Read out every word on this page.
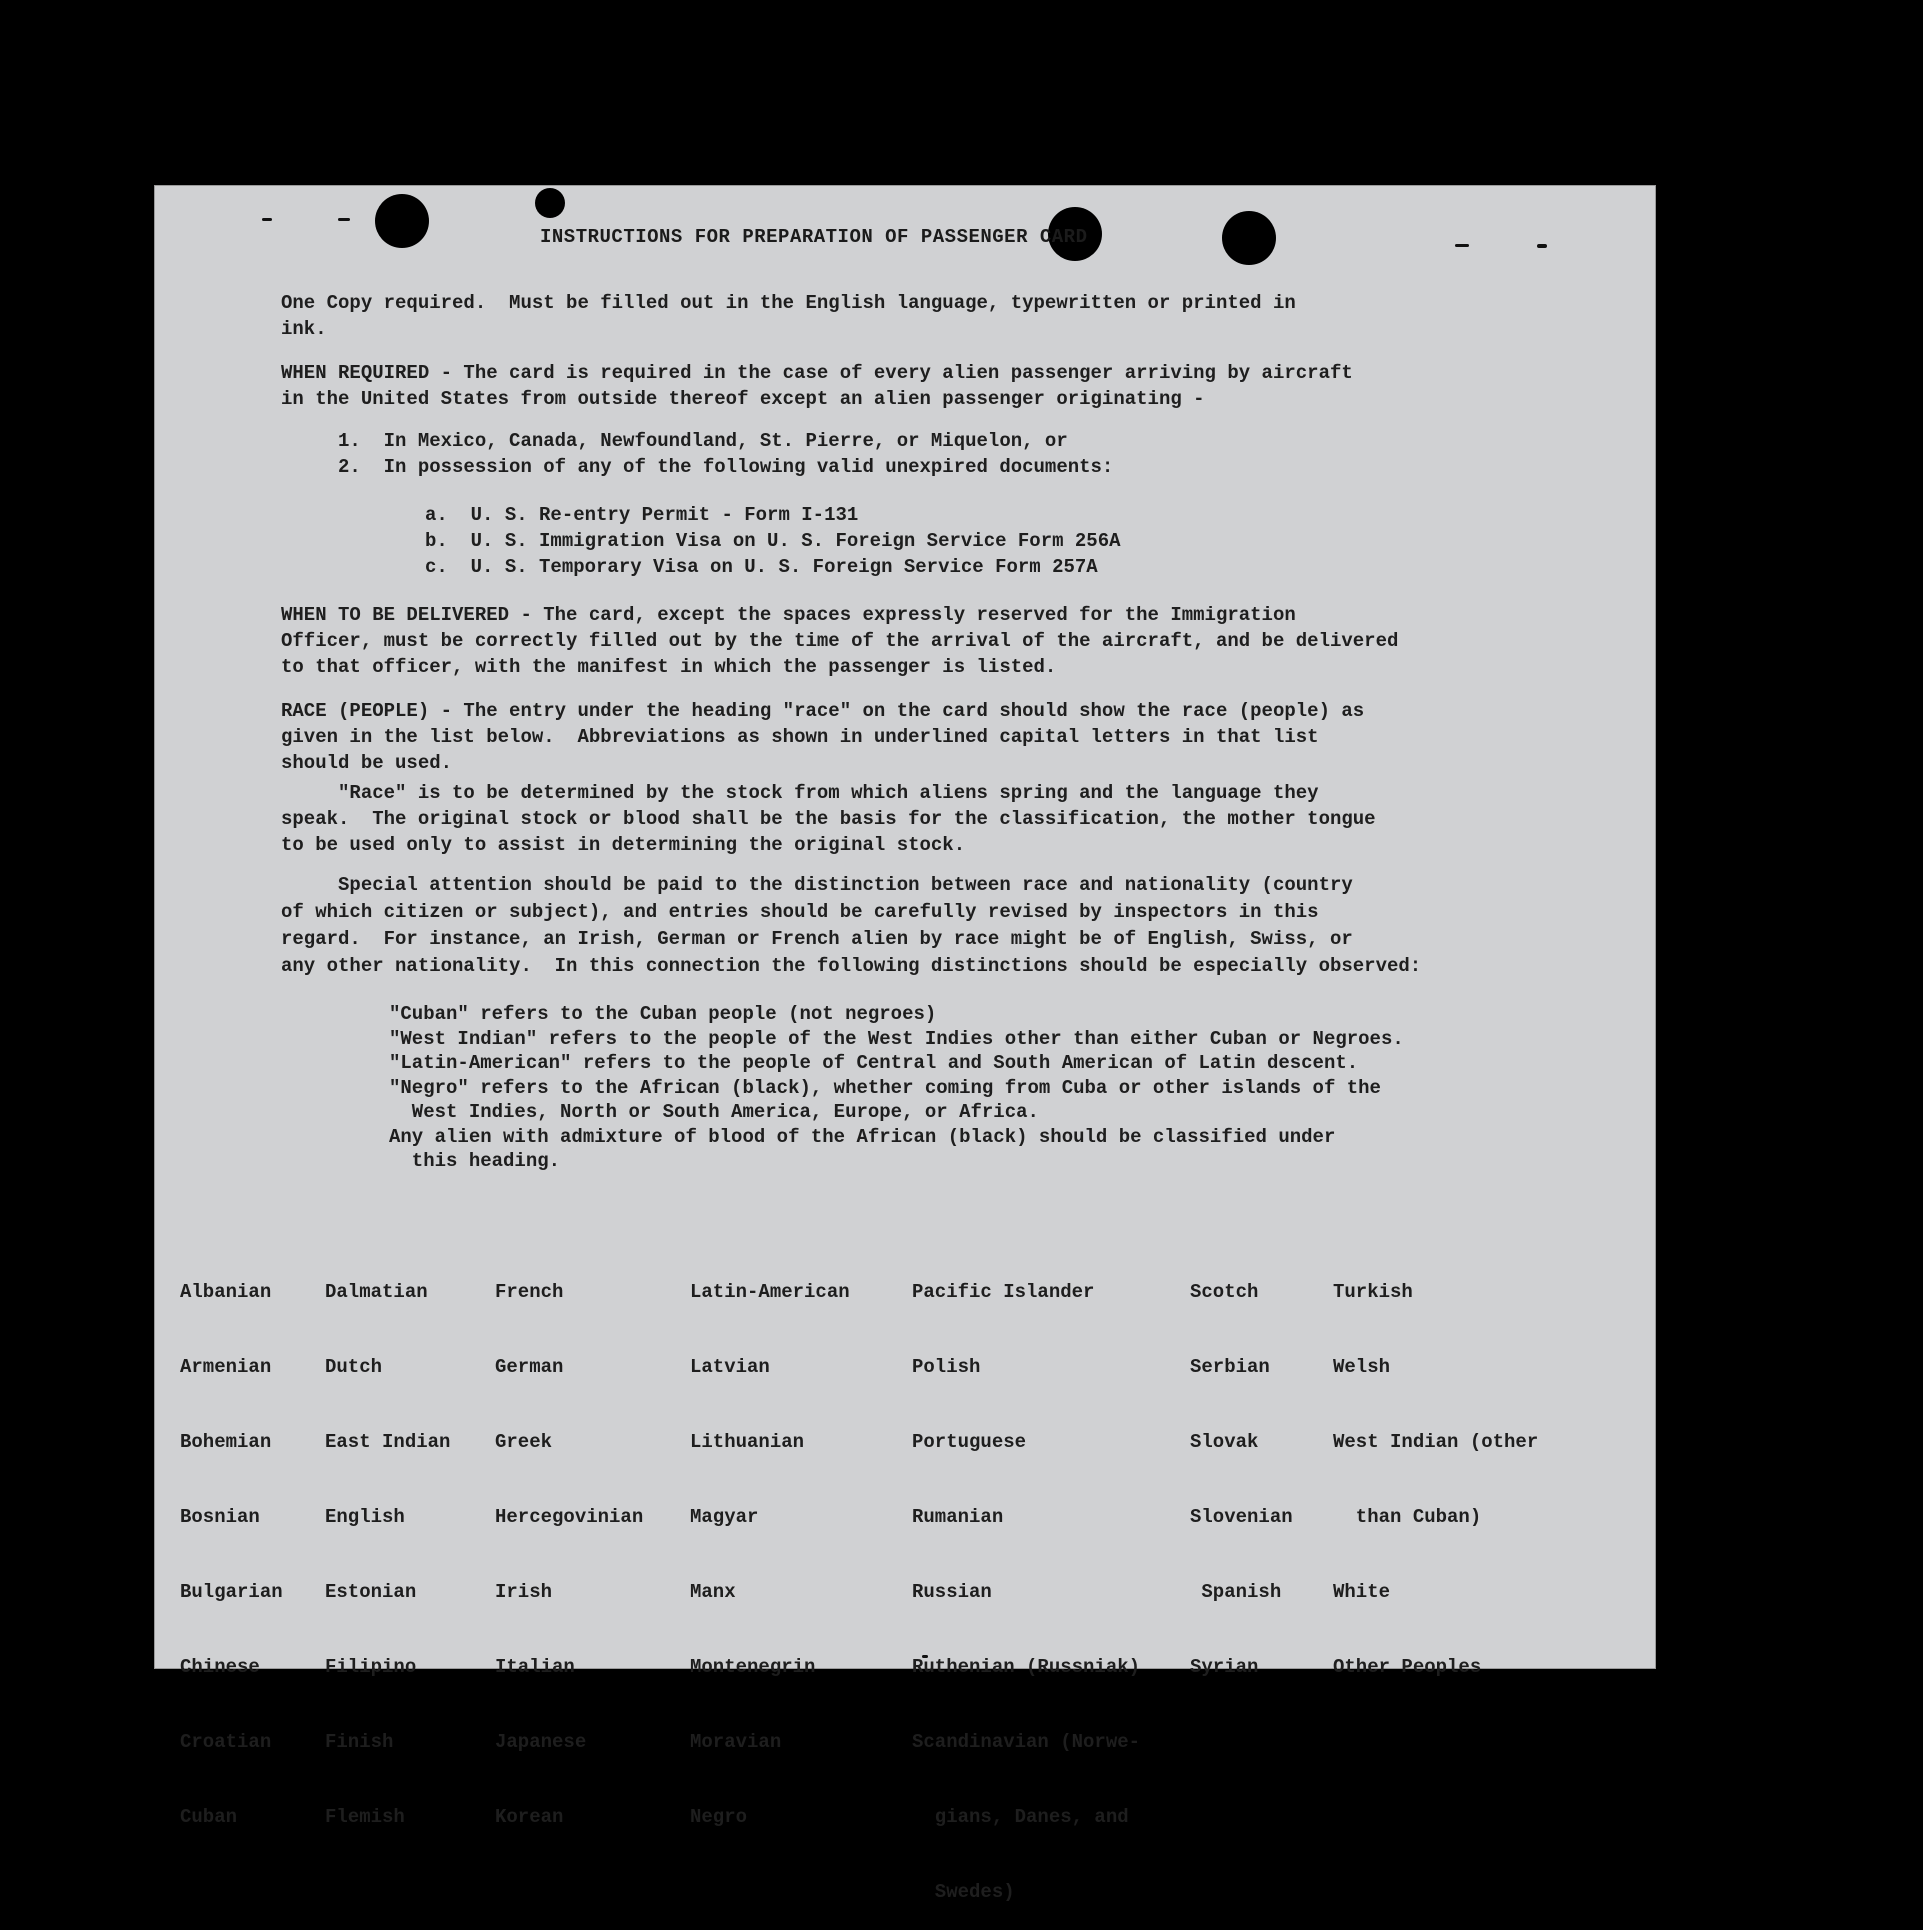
INSTRUCTIONS FOR PREPARATION OF PASSENGER CARD
One Copy required.  Must be filled out in the English language, typewritten or printed in
ink.
WHEN REQUIRED - The card is required in the case of every alien passenger arriving by aircraft
in the United States from outside thereof except an alien passenger originating -
1.  In Mexico, Canada, Newfoundland, St. Pierre, or Miquelon, or
2.  In possession of any of the following valid unexpired documents:
a.  U. S. Re-entry Permit - Form I-131
b.  U. S. Immigration Visa on U. S. Foreign Service Form 256A
c.  U. S. Temporary Visa on U. S. Foreign Service Form 257A
WHEN TO BE DELIVERED - The card, except the spaces expressly reserved for the Immigration
Officer, must be correctly filled out by the time of the arrival of the aircraft, and be delivered
to that officer, with the manifest in which the passenger is listed.
RACE (PEOPLE) - The entry under the heading "race" on the card should show the race (people) as
given in the list below.  Abbreviations as shown in underlined capital letters in that list
should be used.
"Race" is to be determined by the stock from which aliens spring and the language they
speak.  The original stock or blood shall be the basis for the classification, the mother tongue
to be used only to assist in determining the original stock.
Special attention should be paid to the distinction between race and nationality (country
of which citizen or subject), and entries should be carefully revised by inspectors in this
regard.  For instance, an Irish, German or French alien by race might be of English, Swiss, or
any other nationality.  In this connection the following distinctions should be especially observed:
"Cuban" refers to the Cuban people (not negroes)
"West Indian" refers to the people of the West Indies other than either Cuban or Negroes.
"Latin-American" refers to the people of Central and South American of Latin descent.
"Negro" refers to the African (black), whether coming from Cuba or other islands of the
West Indies, North or South America, Europe, or Africa.
Any alien with admixture of blood of the African (black) should be classified under
this heading.

Albanian

Armenian

Bohemian

Bosnian

Bulgarian

Chinese

Croatian

Cuban

Dalmatian

Dutch

East Indian

English

Estonian

Filipino

Finish

Flemish

French

German

Greek

Hercegovinian

Irish

Italian

Japanese

Korean

Latin-American

Latvian

Lithuanian

Magyar

Manx

Montenegrin

Moravian

Negro

Pacific Islander

Polish

Portuguese

Rumanian

Russian

Ruthenian (Russniak)

Scandinavian (Norwe-

gians, Danes, and

Swedes)

Scotch

Serbian

Slovak

Slovenian

Spanish

Syrian

Turkish

Welsh

West Indian (other

than Cuban)

White

Other Peoples
